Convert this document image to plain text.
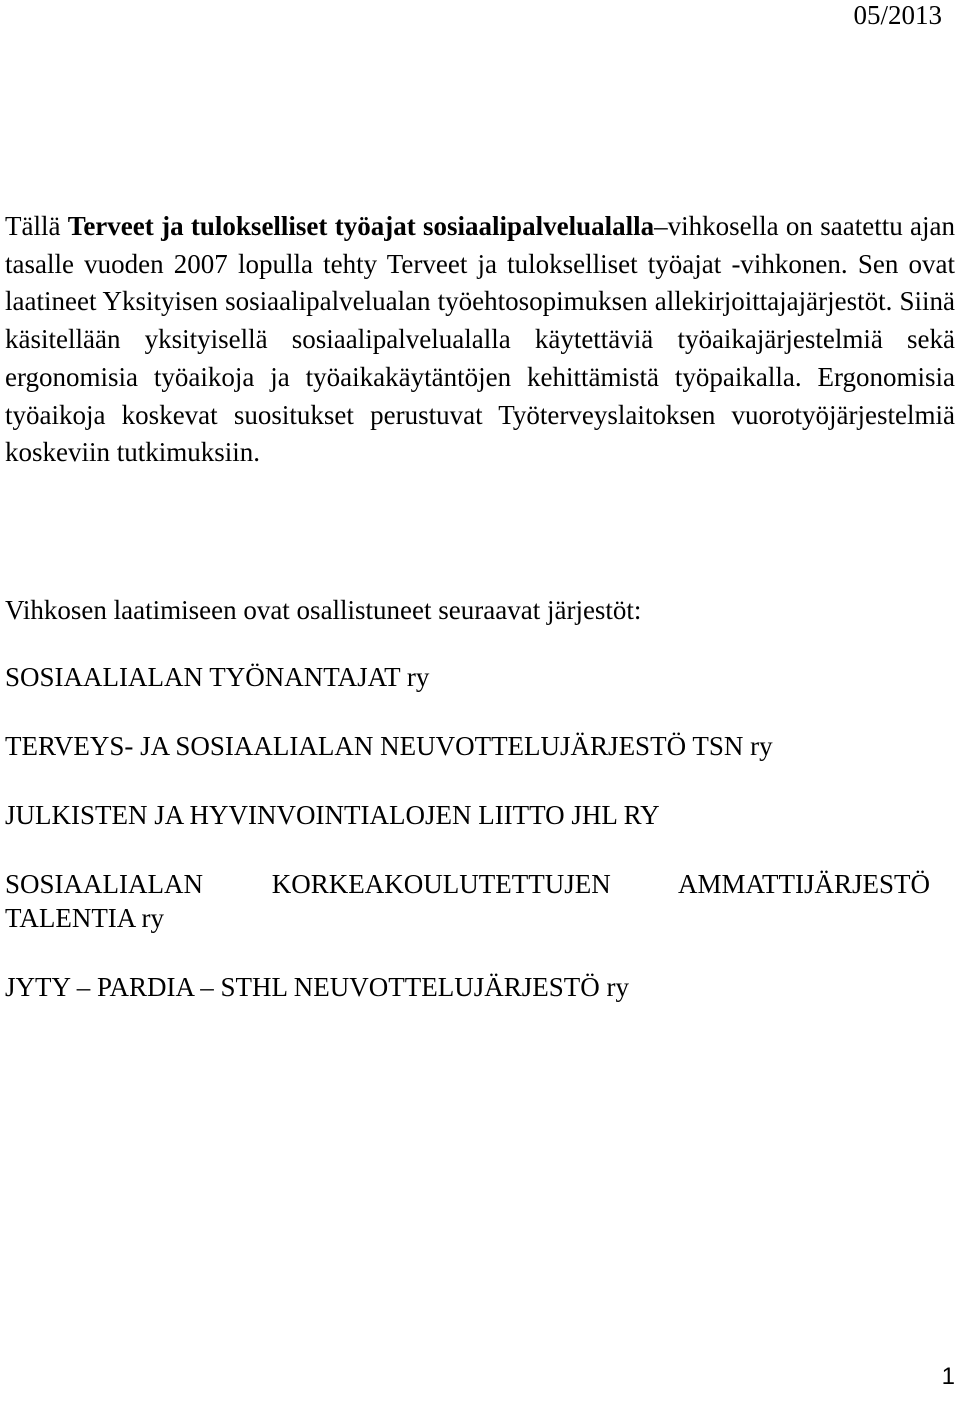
05/2013

Tällä Terveet ja tulokselliset työajat sosiaalipalvelualalla–vihkosella on saatettu ajan tasalle vuoden 2007 lopulla tehty Terveet ja tulokselliset työajat -vihkonen. Sen ovat laatineet Yksityisen sosiaalipalvelualan työehtosopimuksen allekirjoittajajärjestöt. Siinä käsitellään yksityisellä sosiaalipalvelualalla käytettäviä työaikajärjestelmiä sekä ergonomisia työaikoja ja työaikakäytäntöjen kehittämistä työpaikalla. Ergonomisia työaikoja koskevat suositukset perustuvat Työterveyslaitoksen vuorotyöjärjestelmiä koskeviin tutkimuksiin.

Vihkosen laatimiseen ovat osallistuneet seuraavat järjestöt:

SOSIAALIALAN TYÖNANTAJAT ry
TERVEYS- JA SOSIAALIALAN NEUVOTTELUJÄRJESTÖ TSN ry
JULKISTEN JA HYVINVOINTIALOJEN LIITTO JHL RY
SOSIAALIALAN KORKEAKOULUTETTUJEN AMMATTIJÄRJESTÖ
TALENTIA ry
JYTY – PARDIA – STHL NEUVOTTELUJÄRJESTÖ ry
1
